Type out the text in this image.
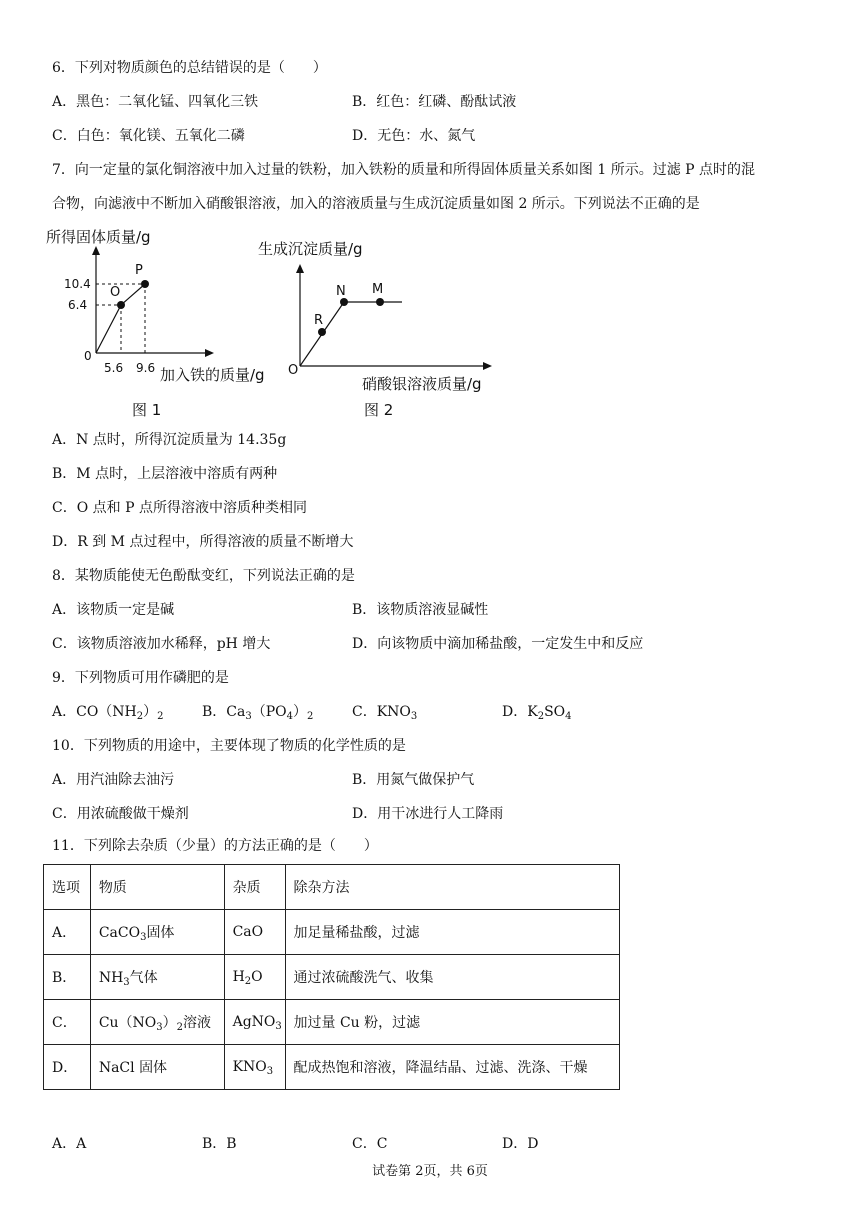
6．下列对物质颜色的总结错误的是（　　）
A．黑色：二氧化锰、四氧化三铁	B．红色：红磷、酚酞试液
C．白色：氧化镁、五氧化二磷	D．无色：水、氮气
7．向一定量的氯化铜溶液中加入过量的铁粉，加入铁粉的质量和所得固体质量关系如图 1 所示。过滤 P 点时的混
合物，向滤液中不断加入硝酸银溶液，加入的溶液质量与生成沉淀质量如图 2 所示。下列说法不正确的是
所得固体质量/g
0
10.4
6.4
O
P
5.6 9.6 加入铁的质量/g
图 1
生成沉淀质量/g
O
R
N M
硝酸银溶液质量/g
图 2
A．N 点时，所得沉淀质量为 14.35g
B．M 点时，上层溶液中溶质有两种
C．O 点和 P 点所得溶液中溶质种类相同
D．R 到 M 点过程中，所得溶液的质量不断增大
8．某物质能使无色酚酞变红，下列说法正确的是
A．该物质一定是碱	B．该物质溶液显碱性
C．该物质溶液加水稀释，pH 增大	D．向该物质中滴加稀盐酸，一定发生中和反应
9．下列物质可用作磷肥的是
A．$CO(NH_2)_2$	B．$Ca_3(PO_4)_2$	C．$KNO_3$	D．$K_2SO_4$
10．下列物质的用途中，主要体现了物质的化学性质的是
A．用汽油除去油污	B．用氮气做保护气
C．用浓硫酸做干燥剂	D．用干冰进行人工降雨
11．下列除去杂质（少量）的方法正确的是（　　）
选项	物质	杂质	除杂方法
A．	CaCO$_3$固体	CaO	加足量稀盐酸，过滤
B．	$NH_3$气体	$H_2O$	通过浓硫酸洗气、收集
C．	$Cu(NO_3)_2$溶液	AgNO$_3$	加过量 Cu 粉，过滤
D．	NaCl 固体	$KNO_3$	配成热饱和溶液，降温结晶、过滤、洗涤、干燥
A．A	B．B	C．C	D．D
试卷第 2页，共 6页
